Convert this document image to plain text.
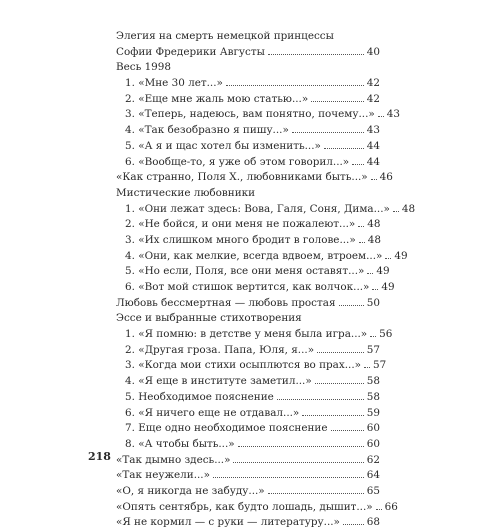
Элегия на смерть немецкой принцессы
Софии Фредерики Августы	40
Весь 1998
1. «Мне 30 лет...»	42
2. «Еще мне жаль мою статью...»	42
3. «Теперь, надеюсь, вам понятно, почему...» 43
4. «Так безобразно я пишу...»	43
5. «А я и щас хотел бы изменить...»	44
6. «Вообще-то, я уже об этом говорил...» 44
«Как странно, Поля Х., любовниками быть...» 46
Мистические любовники
1. «Они лежат здесь: Вова, Галя, Соня, Дима...» 48
2. «Не бойся, и они меня не пожалеют...» 48
3. «Их слишком много бродит в голове...» 48
4. «Они, как мелкие, всегда вдвоем, втроем...» 49
5. «Но если, Поля, все они меня оставят...» 49
6. «Вот мой стишок вертится, как волчок...» 49
Любовь бессмертная — любовь простая	50
Эссе и выбранные стихотворения
1. «Я помню: в детстве у меня была игра...» 56
2. «Другая гроза. Папа, Юля, я...»	57
3. «Когда мои стихи осыплются во прах...» 57
4. «Я еще в институте заметил...»	58
5. Необходимое пояснение	58
6. «Я ничего еще не отдавал...»	59
7. Еще одно необходимое пояснение	60
8. «А чтобы быть...»	60
«Так дымно здесь...»	62
«Так неужели...»	64
«О, я никогда не забуду...»	65
«Опять сентябрь, как будто лошадь, дышит...» 66
«Я не кормил — с руки — литературу...»	68
218
